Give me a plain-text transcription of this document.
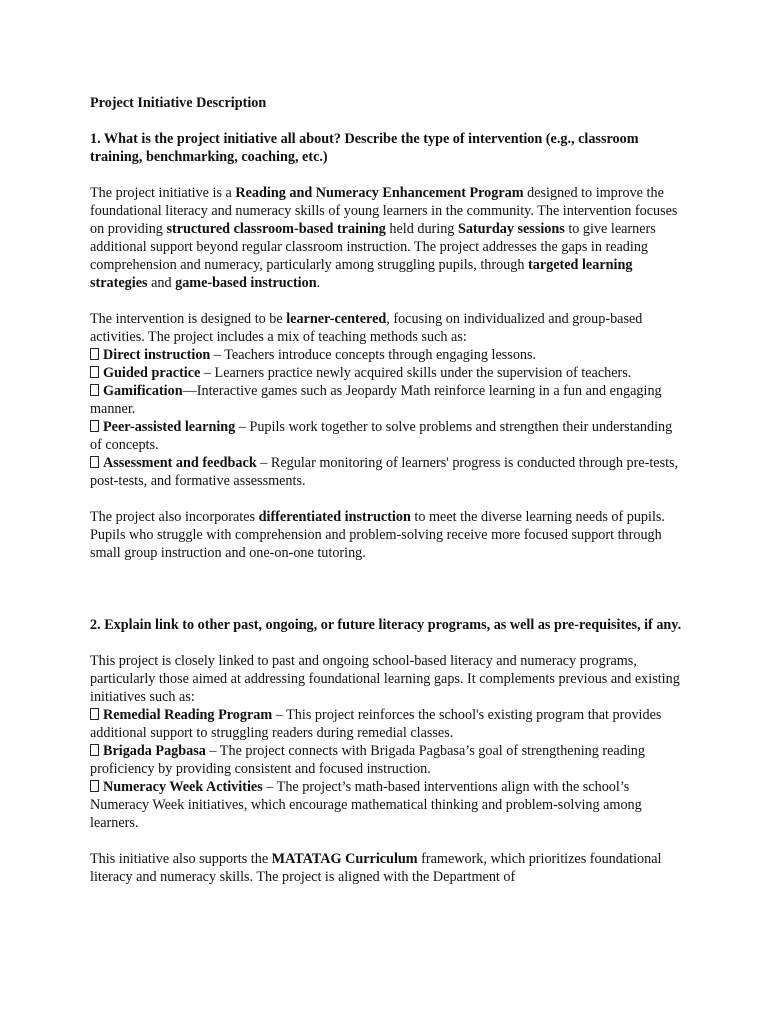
Project Initiative Description

1. What is the project initiative all about? Describe the type of intervention (e.g., classroom training, benchmarking, coaching, etc.)

The project initiative is a Reading and Numeracy Enhancement Program designed to improve the foundational literacy and numeracy skills of young learners in the community. The intervention focuses on providing structured classroom-based training held during Saturday sessions to give learners additional support beyond regular classroom instruction. The project addresses the gaps in reading comprehension and numeracy, particularly among struggling pupils, through targeted learning strategies and game-based instruction.

The intervention is designed to be learner-centered, focusing on individualized and group-based activities. The project includes a mix of teaching methods such as:

Direct instruction – Teachers introduce concepts through engaging lessons.

Guided practice – Learners practice newly acquired skills under the supervision of teachers.

Gamification—Interactive games such as Jeopardy Math reinforce learning in a fun and engaging manner.

Peer-assisted learning – Pupils work together to solve problems and strengthen their understanding of concepts.

Assessment and feedback – Regular monitoring of learners' progress is conducted through pre-tests, post-tests, and formative assessments.

The project also incorporates differentiated instruction to meet the diverse learning needs of pupils. Pupils who struggle with comprehension and problem-solving receive more focused support through small group instruction and one-on-one tutoring.

2. Explain link to other past, ongoing, or future literacy programs, as well as pre-requisites, if any.

This project is closely linked to past and ongoing school-based literacy and numeracy programs, particularly those aimed at addressing foundational learning gaps. It complements previous and existing initiatives such as:

Remedial Reading Program – This project reinforces the school's existing program that provides additional support to struggling readers during remedial classes.

Brigada Pagbasa – The project connects with Brigada Pagbasa’s goal of strengthening reading proficiency by providing consistent and focused instruction.

Numeracy Week Activities – The project’s math-based interventions align with the school’s Numeracy Week initiatives, which encourage mathematical thinking and problem-solving among learners.

This initiative also supports the MATATAG Curriculum framework, which prioritizes foundational literacy and numeracy skills. The project is aligned with the Department of
